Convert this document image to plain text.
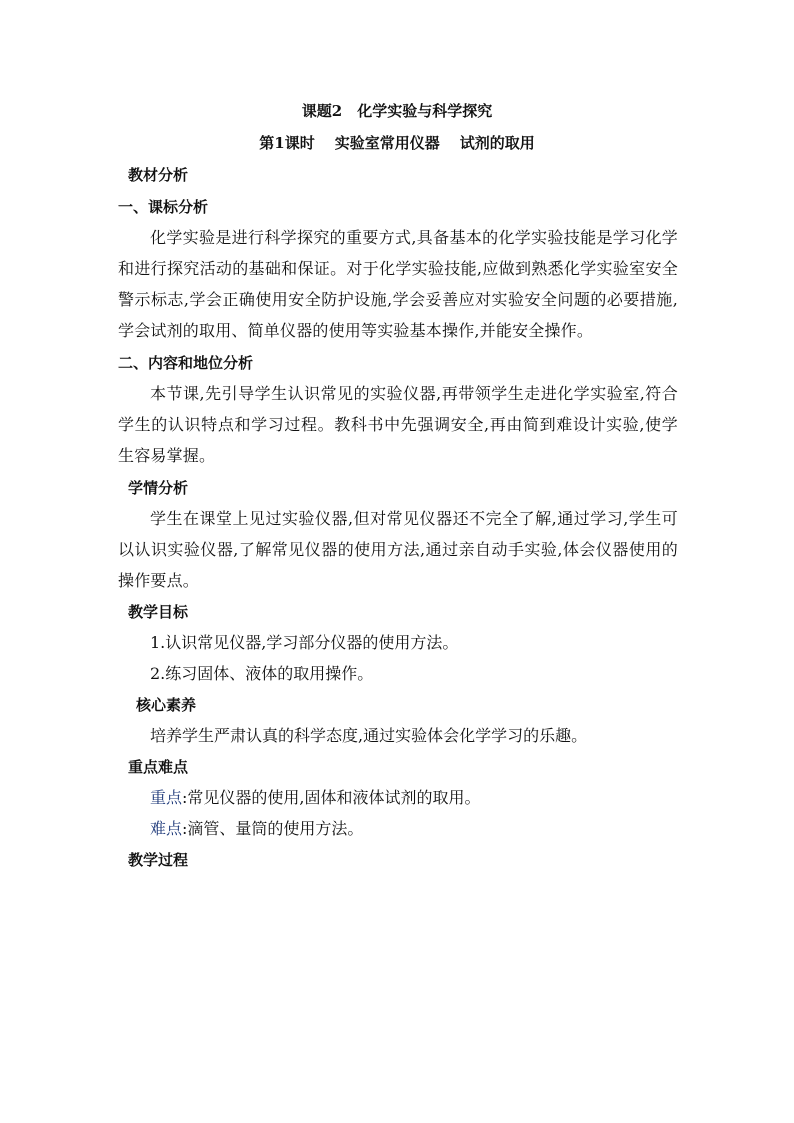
课题2　化学实验与科学探究
第1课时 实验室常用仪器 试剂的取用
教材分析
一、课标分析
化学实验是进行科学探究的重要方式,具备基本的化学实验技能是学习化学和进行探究活动的基础和保证。对于化学实验技能,应做到熟悉化学实验室安全警示标志,学会正确使用安全防护设施,学会妥善应对实验安全问题的必要措施,学会试剂的取用、简单仪器的使用等实验基本操作,并能安全操作。
二、内容和地位分析
本节课,先引导学生认识常见的实验仪器,再带领学生走进化学实验室,符合学生的认识特点和学习过程。教科书中先强调安全,再由简到难设计实验,使学生容易掌握。
学情分析
学生在课堂上见过实验仪器,但对常见仪器还不完全了解,通过学习,学生可以认识实验仪器,了解常见仪器的使用方法,通过亲自动手实验,体会仪器使用的操作要点。
教学目标
1.认识常见仪器,学习部分仪器的使用方法。
2.练习固体、液体的取用操作。
核心素养
培养学生严肃认真的科学态度,通过实验体会化学学习的乐趣。
重点难点
重点:常见仪器的使用,固体和液体试剂的取用。
难点:滴管、量筒的使用方法。
教学过程
